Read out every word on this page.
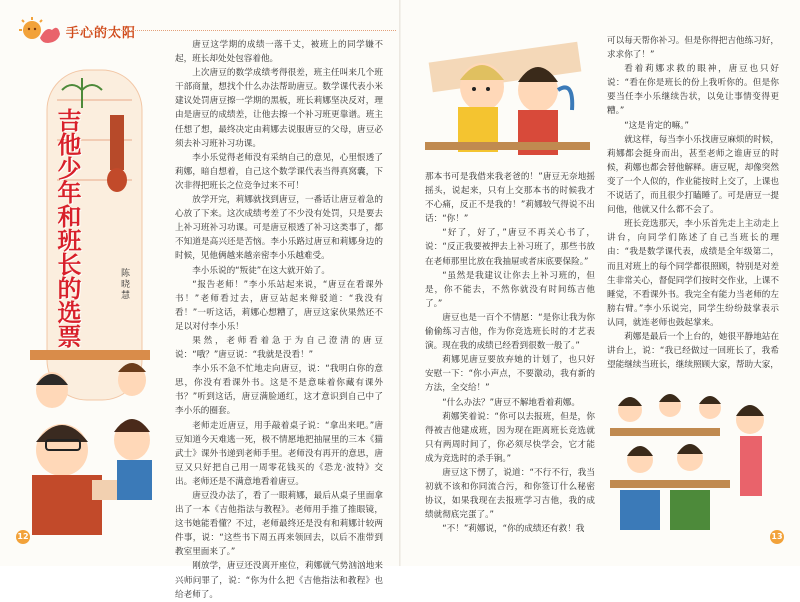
手心的太阳
吉他少年和班长的选票	陈晓慧

唐豆这学期的成绩一落千丈，被班上的同学嫌不起，班长却处处包容着他。

上次唐豆的数学成绩考得很差，班主任叫来几个班干部商量，想找个什么办法帮助唐豆。数学课代表小米建议处罚唐豆擦一学期的黑板，班长莉娜坚决反对，理由是唐豆的成绩差，让他去擦一个补习班更靠谱。班主任想了想，最终决定由莉娜去说服唐豆的父母，唐豆必须去补习班补习功课。

李小乐觉得老师没有采纳自己的意见，心里恨透了莉娜，暗自想着，自己这个数学课代表当得真窝囊，下次非得把班长之位竞争过来不可！

放学开完，莉娜就找到唐豆，一番话让唐豆着急的心放了下来。这次成绩考差了不少没有处罚，只是要去上补习班补习功课。可是唐豆根透了补习这类事了，都不知道是高兴还是苦恼。李小乐路过唐豆和莉娜身边的时候，见他俩越来越亲密李小乐越难受。

李小乐说的“叛徒”在这大就开始了。

“报告老师！”李小乐站起来说，“唐豆在看课外书！”老师看过去，唐豆站起来辩驳道：“我没有看！”一听这话，莉娜心想糟了，唐豆这家伙果然还不足以对付李小乐！

果然，老师看着急于为自己澄清的唐豆说：“哦？”唐豆说：“我就是没看！”

李小乐不急不忙地走向唐豆，说：“我明白你的意思，你没有看课外书。这是不是意味着你藏有课外书？”听到这话，唐豆满脸通红，这才意识到自己中了李小乐的圈套。

老师走近唐豆，用手敲着桌子说：“拿出来吧。”唐豆知道今天难逃一死，极不情愿地把抽屉里的三本《猫武士》课外书递到老师手里。老师没有再开的意思，唐豆又只好把自己用一周零花钱买的《恐龙·波特》交出。老师还是不满意地看着唐豆。

唐豆没办法了，看了一眼莉娜，最后从桌子里面拿出了一本《吉他指法与教程》。老师用手推了推眼镜，这书她能看懂？不过，老师最终还是没有和莉娜计较两件事，说：“这些书下周五再来领回去，以后不准带到教室里面来了。”

刚放学，唐豆还没离开座位，莉娜就气势汹汹地来兴师问罪了，说：“你为什么把《吉他指法和教程》也给老师了。

那本书可是我借来我老爸的！”唐豆无奈地摇摇头，说起来，只有上交那本书的时候我才不心痛，反正不是我的！”莉娜较气得说不出话：“你！”

“好了，好了，”唐豆不再关心书了，说：“反正我要被押去上补习班了，那些书放在老师那里比放在我抽屉或者床底要保险。”

“虽然是我建议让你去上补习班的，但是，你不能去，不然你就没有时间练吉他了。”

唐豆也是一百个不情愿：“是你让我为你偷偷练习吉他，作为你竞选班长时的才艺表演。现在我的成绩已经看到很数一般了。”

莉娜见唐豆要放弃她的计划了，也只好安慰一下：“你小声点，不要激动，我有新的方法，全交给！”

“什么办法？”唐豆不解地看着莉娜。

莉娜笑着说：“你可以去报班，但是，你得被吉他建成班，因为现在距离班长竞选就只有两周时间了，你必须尽快学会，它才能成为竞选时的杀手锏。”

唐豆这下愣了，说道：“不行不行，我当初就不该和你同流合污，和你签订什么秘密协议，如果我现在去报班学习吉他，我的成绩就彻底完蛋了。”

“不！”莉娜说，“你的成绩还有救！我

可以每天帮你补习。但是你得把吉他练习好，求求你了！”

看着莉娜求救的眼神，唐豆也只好说：“看在你是班长的份上我听你的。但是你要当任李小乐继续告状，以免让事情变得更糟。”

“这是肯定的嘛。”

就这样，每当李小乐找唐豆麻烦的时候，莉娜都会挺身而出，甚至老师之谁唐豆的时候，莉娜也都会替他解释。唐豆呢，却像突然变了一个人似的，作业能按时上交了，上课也不说话了，而且很少打瞌睡了。可是唐豆一提问他，他就又什么都不会了。

班长竞选那天，李小乐首先走上主动走上讲台，向同学们陈述了自己当班长的理由：“我是数学课代表，成绩是全年级第二，而且对班上的每个同学都很照顾，特别是对差生非常关心，督促同学们按时交作业，上课不睡觉，不看课外书。我完全有能力当老师的左膀右臂。”李小乐说完，同学生纷纷鼓掌表示认同，就连老师也鼓起掌来。

莉娜是最后一个上台的，她很平静地站在讲台上，说：“我已经做过一回班长了，我希望能继续当班长，继续照顾大家，帮助大家，

12	13
